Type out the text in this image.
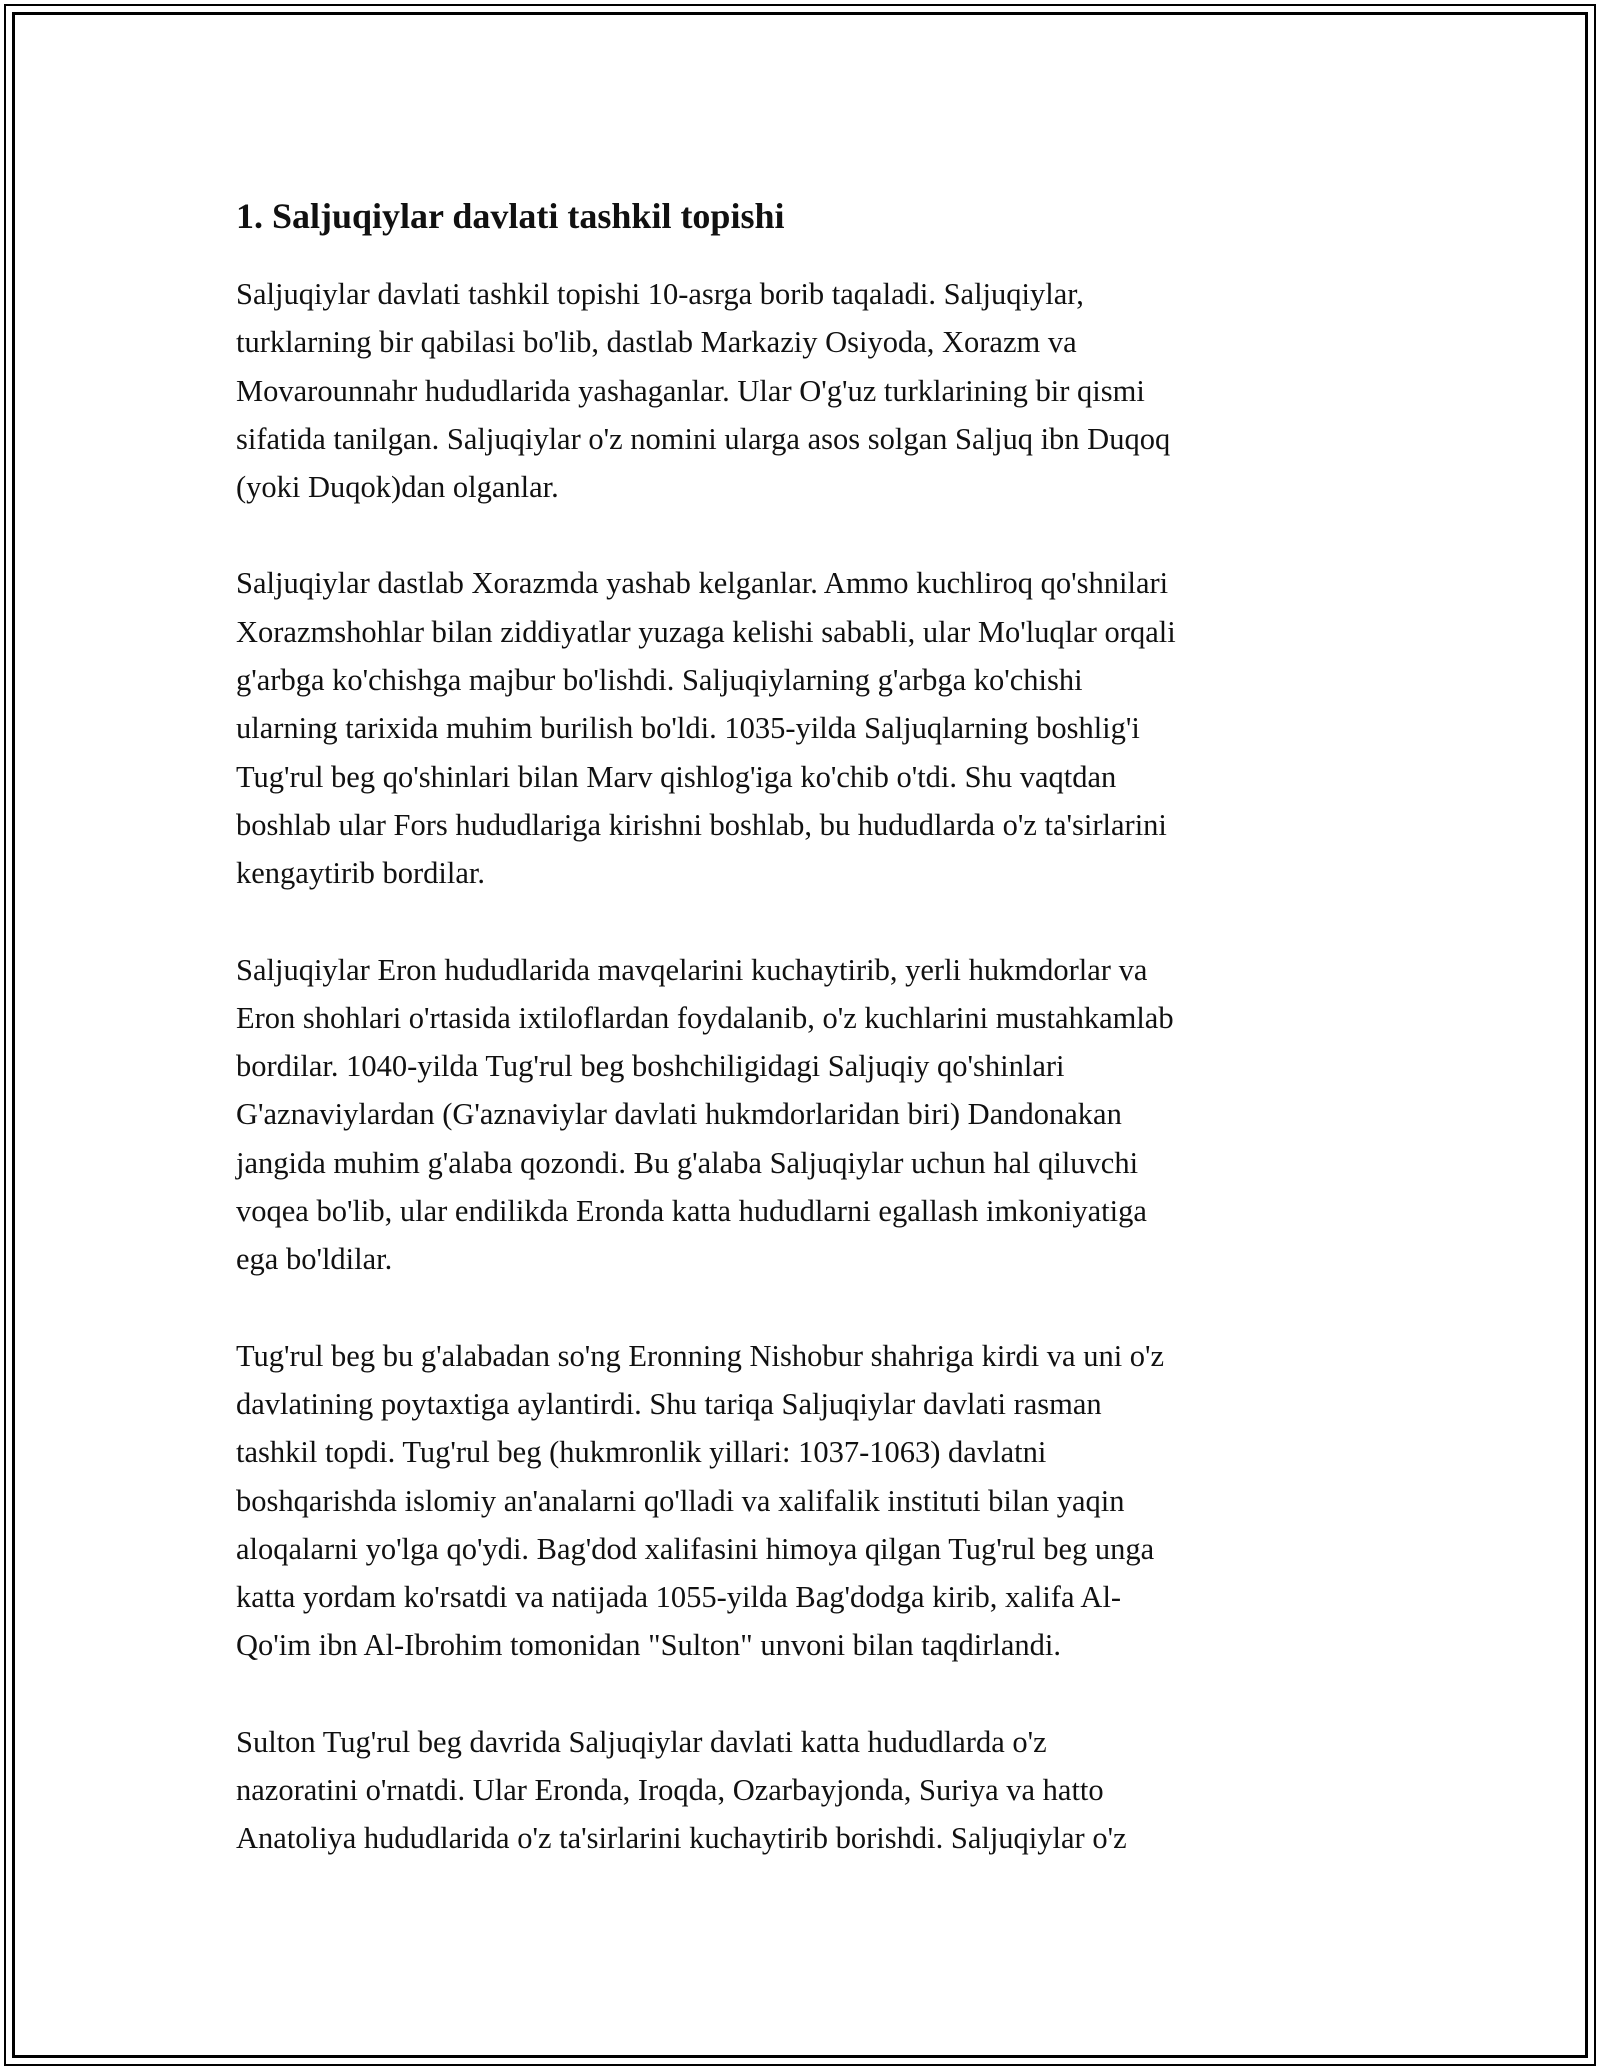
1. Saljuqiylar davlati tashkil topishi

Saljuqiylar davlati tashkil topishi 10-asrga borib taqaladi. Saljuqiylar,
turklarning bir qabilasi bo'lib, dastlab Markaziy Osiyoda, Xorazm va
Movarounnahr hududlarida yashaganlar. Ular O'g'uz turklarining bir qismi
sifatida tanilgan. Saljuqiylar o'z nomini ularga asos solgan Saljuq ibn Duqoq
(yoki Duqok)dan olganlar.

Saljuqiylar dastlab Xorazmda yashab kelganlar. Ammo kuchliroq qo'shnilari
Xorazmshohlar bilan ziddiyatlar yuzaga kelishi sababli, ular Mo'luqlar orqali
g'arbga ko'chishga majbur bo'lishdi. Saljuqiylarning g'arbga ko'chishi
ularning tarixida muhim burilish bo'ldi. 1035-yilda Saljuqlarning boshlig'i
Tug'rul beg qo'shinlari bilan Marv qishlog'iga ko'chib o'tdi. Shu vaqtdan
boshlab ular Fors hududlariga kirishni boshlab, bu hududlarda o'z ta'sirlarini
kengaytirib bordilar.

Saljuqiylar Eron hududlarida mavqelarini kuchaytirib, yerli hukmdorlar va
Eron shohlari o'rtasida ixtiloflardan foydalanib, o'z kuchlarini mustahkamlab
bordilar. 1040-yilda Tug'rul beg boshchiligidagi Saljuqiy qo'shinlari
G'aznaviylardan (G'aznaviylar davlati hukmdorlaridan biri) Dandonakan
jangida muhim g'alaba qozondi. Bu g'alaba Saljuqiylar uchun hal qiluvchi
voqea bo'lib, ular endilikda Eronda katta hududlarni egallash imkoniyatiga
ega bo'ldilar.

Tug'rul beg bu g'alabadan so'ng Eronning Nishobur shahriga kirdi va uni o'z
davlatining poytaxtiga aylantirdi. Shu tariqa Saljuqiylar davlati rasman
tashkil topdi. Tug'rul beg (hukmronlik yillari: 1037-1063) davlatni
boshqarishda islomiy an'analarni qo'lladi va xalifalik instituti bilan yaqin
aloqalarni yo'lga qo'ydi. Bag'dod xalifasini himoya qilgan Tug'rul beg unga
katta yordam ko'rsatdi va natijada 1055-yilda Bag'dodga kirib, xalifa Al-
Qo'im ibn Al-Ibrohim tomonidan "Sulton" unvoni bilan taqdirlandi.

Sulton Tug'rul beg davrida Saljuqiylar davlati katta hududlarda o'z
nazoratini o'rnatdi. Ular Eronda, Iroqda, Ozarbayjonda, Suriya va hatto
Anatoliya hududlarida o'z ta'sirlarini kuchaytirib borishdi. Saljuqiylar o'z
